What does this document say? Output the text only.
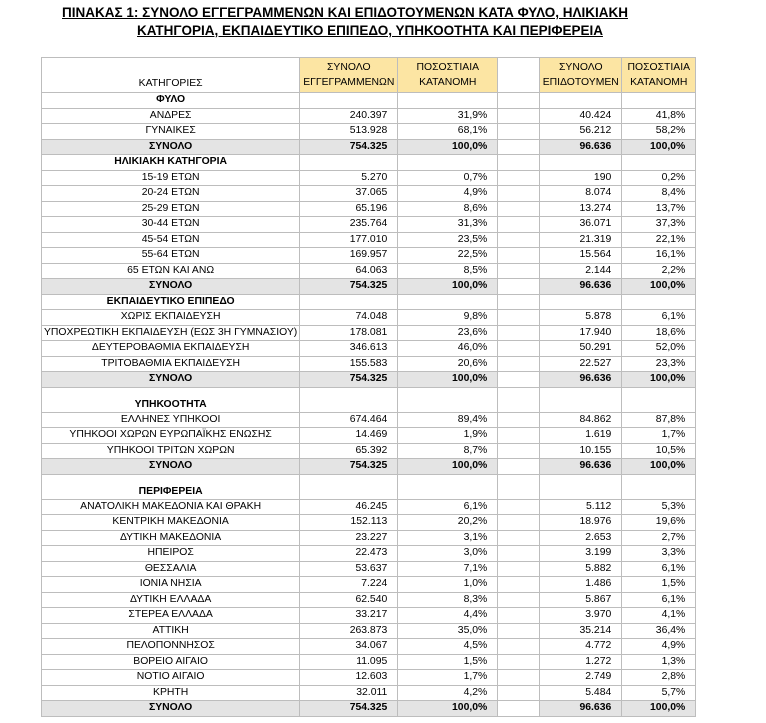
ΠΙΝΑΚΑΣ 1: ΣΥΝΟΛΟ ΕΓΓΕΓΡΑΜΜΕΝΩΝ ΚΑΙ ΕΠΙΔΟΤΟΥΜΕΝΩΝ ΚΑΤΑ ΦΥΛΟ, ΗΛΙΚΙΑΚΗ
ΚΑΤΗΓΟΡΙΑ, ΕΚΠΑΙΔΕΥΤΙΚΟ ΕΠΙΠΕΔΟ, ΥΠΗΚΟΟΤΗΤΑ ΚΑΙ ΠΕΡΙΦΕΡΕΙΑ
ΚΑΤΗΓΟΡΙΕΣ	ΣΥΝΟΛΟ ΕΓΓΕΓΡΑΜΜΕΝΩΝ	ΠΟΣΟΣΤΙΑΙΑ ΚΑΤΑΝΟΜΗ		ΣΥΝΟΛΟ ΕΠΙΔΟΤΟΥΜΕΝ	ΠΟΣΟΣΤΙΑΙΑ ΚΑΤΑΝΟΜΗ
ΦΥΛΟ					
ΑΝΔΡΕΣ	240.397	31,9%		40.424	41,8%
ΓΥΝΑΙΚΕΣ	513.928	68,1%		56.212	58,2%
ΣΥΝΟΛΟ	754.325	100,0%		96.636	100,0%
ΗΛΙΚΙΑΚΗ ΚΑΤΗΓΟΡΙΑ					
15-19 ΕΤΩΝ	5.270	0,7%		190	0,2%
20-24 ΕΤΩΝ	37.065	4,9%		8.074	8,4%
25-29 ΕΤΩΝ	65.196	8,6%		13.274	13,7%
30-44 ΕΤΩΝ	235.764	31,3%		36.071	37,3%
45-54 ΕΤΩΝ	177.010	23,5%		21.319	22,1%
55-64 ΕΤΩΝ	169.957	22,5%		15.564	16,1%
65 ΕΤΩΝ ΚΑΙ ΑΝΩ	64.063	8,5%		2.144	2,2%
ΣΥΝΟΛΟ	754.325	100,0%		96.636	100,0%
ΕΚΠΑΙΔΕΥΤΙΚΟ ΕΠΙΠΕΔΟ					
ΧΩΡΙΣ ΕΚΠΑΙΔΕΥΣΗ	74.048	9,8%		5.878	6,1%
ΥΠΟΧΡΕΩΤΙΚΗ ΕΚΠΑΙΔΕΥΣΗ (ΕΩΣ 3Η ΓΥΜΝΑΣΙΟΥ)	178.081	23,6%		17.940	18,6%
ΔΕΥΤΕΡΟΒΑΘΜΙΑ ΕΚΠΑΙΔΕΥΣΗ	346.613	46,0%		50.291	52,0%
ΤΡΙΤΟΒΑΘΜΙΑ ΕΚΠΑΙΔΕΥΣΗ	155.583	20,6%		22.527	23,3%
ΣΥΝΟΛΟ	754.325	100,0%		96.636	100,0%
ΥΠΗΚΟΟΤΗΤΑ					
ΕΛΛΗΝΕΣ ΥΠΗΚΟΟΙ	674.464	89,4%		84.862	87,8%
ΥΠΗΚΟΟΙ ΧΩΡΩΝ ΕΥΡΩΠΑΪΚΗΣ ΕΝΩΣΗΣ	14.469	1,9%		1.619	1,7%
ΥΠΗΚΟΟΙ ΤΡΙΤΩΝ ΧΩΡΩΝ	65.392	8,7%		10.155	10,5%
ΣΥΝΟΛΟ	754.325	100,0%		96.636	100,0%
ΠΕΡΙΦΕΡΕΙΑ					
ΑΝΑΤΟΛΙΚΗ ΜΑΚΕΔΟΝΙΑ ΚΑΙ ΘΡΑΚΗ	46.245	6,1%		5.112	5,3%
ΚΕΝΤΡΙΚΗ ΜΑΚΕΔΟΝΙΑ	152.113	20,2%		18.976	19,6%
ΔΥΤΙΚΗ ΜΑΚΕΔΟΝΙΑ	23.227	3,1%		2.653	2,7%
ΗΠΕΙΡΟΣ	22.473	3,0%		3.199	3,3%
ΘΕΣΣΑΛΙΑ	53.637	7,1%		5.882	6,1%
ΙΟΝΙΑ ΝΗΣΙΑ	7.224	1,0%		1.486	1,5%
ΔΥΤΙΚΗ ΕΛΛΑΔΑ	62.540	8,3%		5.867	6,1%
ΣΤΕΡΕΑ ΕΛΛΑΔΑ	33.217	4,4%		3.970	4,1%
ΑΤΤΙΚΗ	263.873	35,0%		35.214	36,4%
ΠΕΛΟΠΟΝΝΗΣΟΣ	34.067	4,5%		4.772	4,9%
ΒΟΡΕΙΟ ΑΙΓΑΙΟ	11.095	1,5%		1.272	1,3%
ΝΟΤΙΟ ΑΙΓΑΙΟ	12.603	1,7%		2.749	2,8%
ΚΡΗΤΗ	32.011	4,2%		5.484	5,7%
ΣΥΝΟΛΟ	754.325	100,0%		96.636	100,0%
